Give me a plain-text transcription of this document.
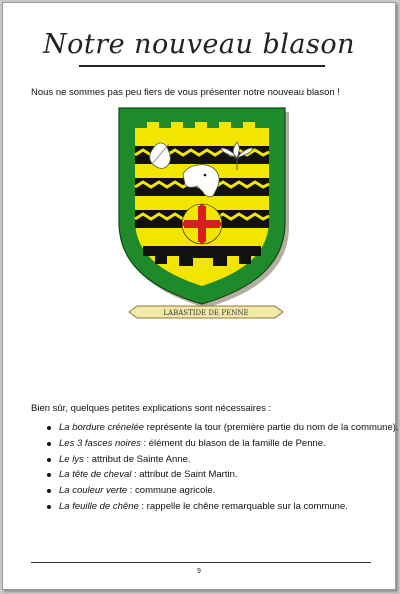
Notre nouveau blason
Nous ne sommes pas peu fiers de vous présenter notre nouveau blason !
LABASTIDE DE PENNE
Bien sûr, quelques petites explications sont nécessaires :
La bordure crénelée représente la tour (première partie du nom de la commune).
Les 3 fasces noires : élément du blason de la famille de Penne.
Le lys : attribut de Sainte Anne.
La tête de cheval : attribut de Saint Martin.
La couleur verte : commune agricole.
La feuille de chêne : rappelle le chêne remarquable sur la commune.
9
